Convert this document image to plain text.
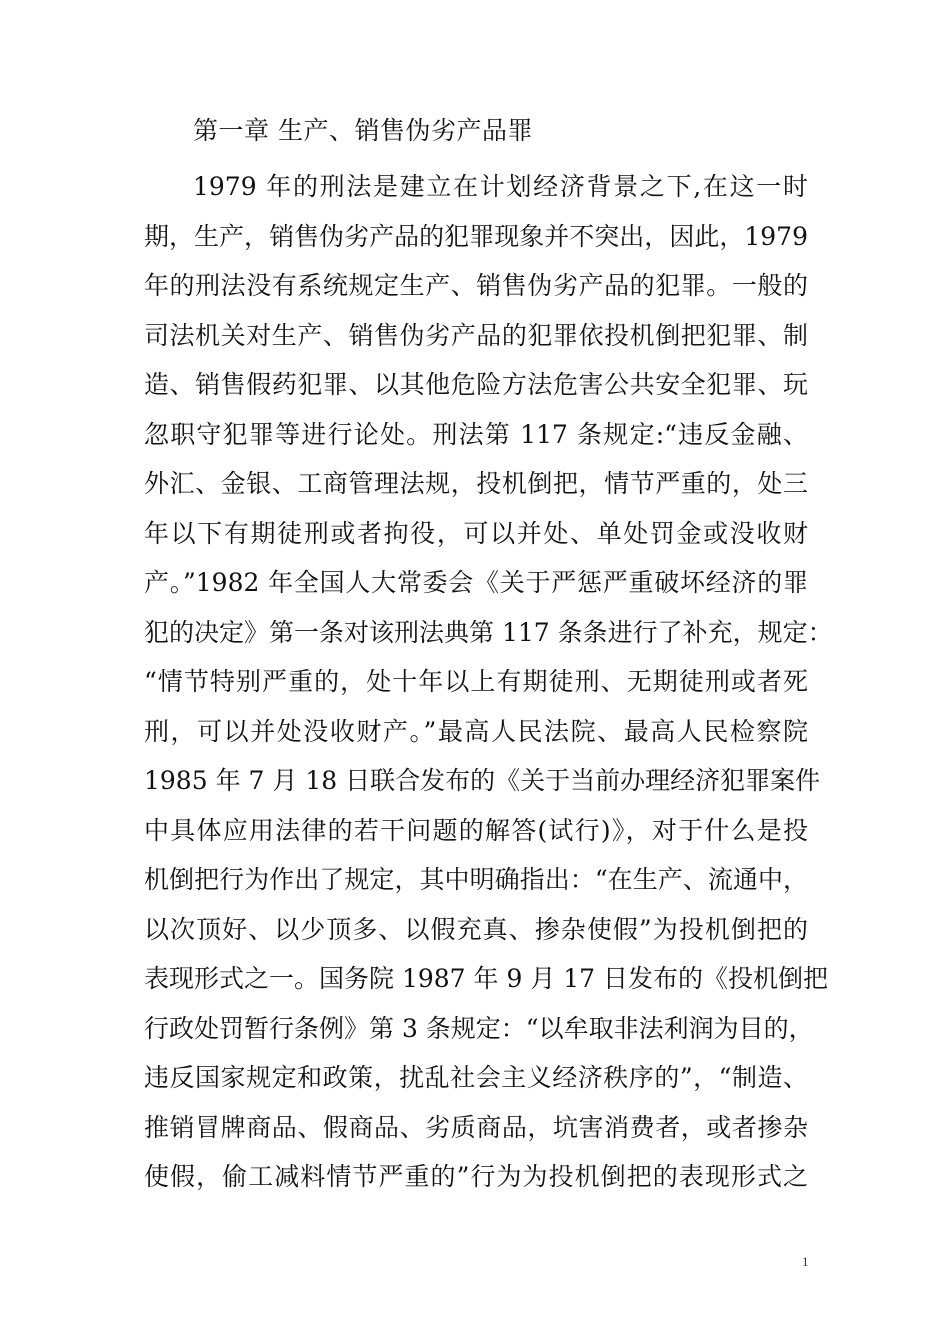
第一章 生产、销售伪劣产品罪
1979 年的刑法是建立在计划经济背景之下,在这一时
期，生产，销售伪劣产品的犯罪现象并不突出，因此，1979
年的刑法没有系统规定生产、销售伪劣产品的犯罪。一般的
司法机关对生产、销售伪劣产品的犯罪依投机倒把犯罪、制
造、销售假药犯罪、以其他危险方法危害公共安全犯罪、玩
忽职守犯罪等进行论处。刑法第 117 条规定:“违反金融、
外汇、金银、工商管理法规，投机倒把，情节严重的，处三
年以下有期徒刑或者拘役，可以并处、单处罚金或没收财
产。”1982 年全国人大常委会《关于严惩严重破坏经济的罪
犯的决定》第一条对该刑法典第 117 条条进行了补充，规定：
“情节特别严重的，处十年以上有期徒刑、无期徒刑或者死
刑，可以并处没收财产。”最高人民法院、最高人民检察院
1985 年 7 月 18 日联合发布的《关于当前办理经济犯罪案件
中具体应用法律的若干问题的解答(试行)》，对于什么是投
机倒把行为作出了规定，其中明确指出：“在生产、流通中，
以次顶好、以少顶多、以假充真、掺杂使假”为投机倒把的
表现形式之一。国务院 1987 年 9 月 17 日发布的《投机倒把
行政处罚暂行条例》第 3 条规定：“以牟取非法利润为目的，
违反国家规定和政策，扰乱社会主义经济秩序的”，“制造、
推销冒牌商品、假商品、劣质商品，坑害消费者，或者掺杂
使假，偷工减料情节严重的”行为为投机倒把的表现形式之
1
